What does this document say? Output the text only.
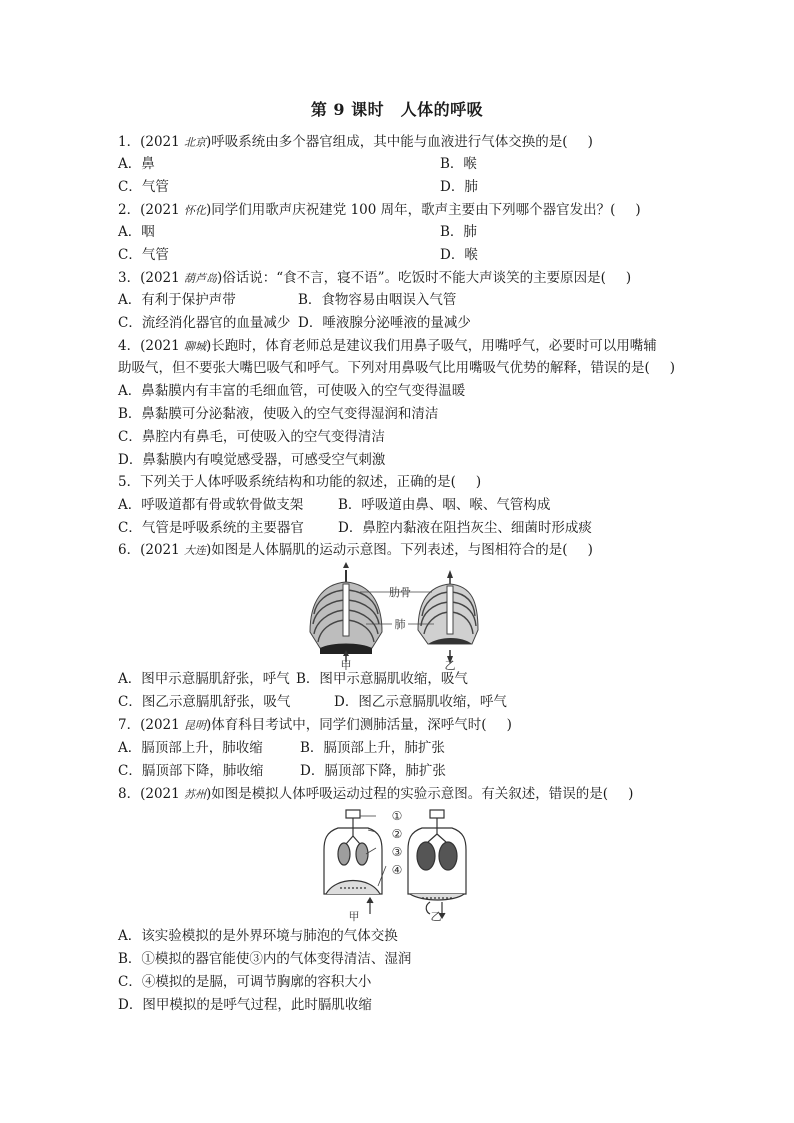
第 9 课时　人体的呼吸
1．(2021 北京)呼吸系统由多个器官组成，其中能与血液进行气体交换的是( )
A．鼻	B．喉
C．气管	D．肺
2．(2021 怀化)同学们用歌声庆祝建党 100 周年，歌声主要由下列哪个器官发出？( )
A．咽	B．肺
C．气管	D．喉
3．(2021 葫芦岛)俗话说：“食不言，寝不语”。吃饭时不能大声谈笑的主要原因是( )
A．有利于保护声带	B．食物容易由咽误入气管
C．流经消化器官的血量减少 D．唾液腺分泌唾液的量减少
4．(2021 聊城)长跑时，体育老师总是建议我们用鼻子吸气，用嘴呼气，必要时可以用嘴辅
助吸气，但不要张大嘴巴吸气和呼气。下列对用鼻吸气比用嘴吸气优势的解释，错误的是( )
A．鼻黏膜内有丰富的毛细血管，可使吸入的空气变得温暖
B．鼻黏膜可分泌黏液，使吸入的空气变得湿润和清洁
C．鼻腔内有鼻毛，可使吸入的空气变得清洁
D．鼻黏膜内有嗅觉感受器，可感受空气刺激
5．下列关于人体呼吸系统结构和功能的叙述，正确的是( )
A．呼吸道都有骨或软骨做支架	B．呼吸道由鼻、咽、喉、气管构成
C．气管是呼吸系统的主要器官	D．鼻腔内黏液在阻挡灰尘、细菌时形成痰
6．(2021 大连)如图是人体膈肌的运动示意图。下列表述，与图相符合的是( )
肋骨
肺
甲	乙
A．图甲示意膈肌舒张，呼气 B．图甲示意膈肌收缩，吸气
C．图乙示意膈肌舒张，吸气	D．图乙示意膈肌收缩，呼气
7．(2021 昆明)体育科目考试中，同学们测肺活量，深呼气时( )
A．膈顶部上升，肺收缩	B．膈顶部上升，肺扩张
C．膈顶部下降，肺收缩	D．膈顶部下降，肺扩张
8．(2021 苏州)如图是模拟人体呼吸运动过程的实验示意图。有关叙述，错误的是( )
①
②
③
④
甲	乙
A．该实验模拟的是外界环境与肺泡的气体交换
B．①模拟的器官能使③内的气体变得清洁、湿润
C．④模拟的是膈，可调节胸廓的容积大小
D．图甲模拟的是呼气过程，此时膈肌收缩
